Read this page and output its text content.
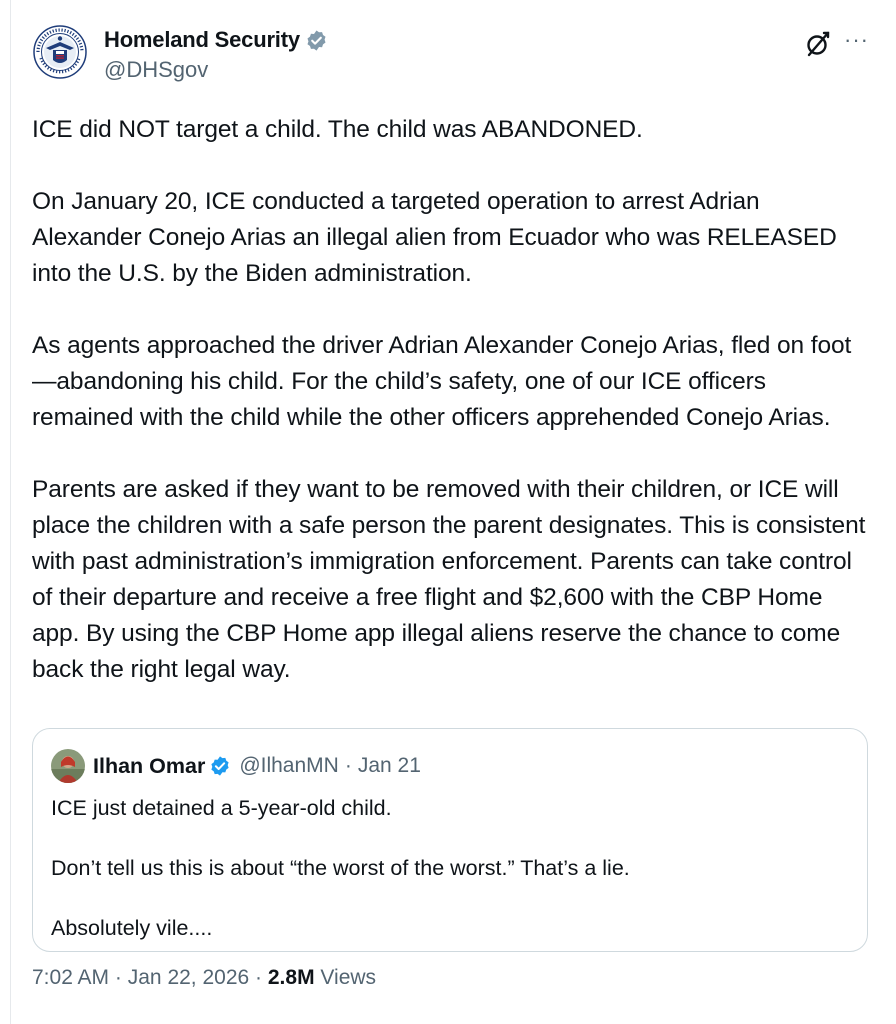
Homeland Security
@DHSgov
···

ICE did NOT target a child. The child was ABANDONED.

On January 20, ICE conducted a targeted operation to arrest Adrian Alexander Conejo Arias an illegal alien from Ecuador who was RELEASED into the U.S. by the Biden administration.

As agents approached the driver Adrian Alexander Conejo Arias, fled on foot—abandoning his child. For the child’s safety, one of our ICE officers remained with the child while the other officers apprehended Conejo Arias.

Parents are asked if they want to be removed with their children, or ICE will place the children with a safe person the parent designates. This is consistent with past administration’s immigration enforcement. Parents can take control of their departure and receive a free flight and $2,600 with the CBP Home app. By using the CBP Home app illegal aliens reserve the chance to come back the right legal way.

Ilhan Omar @IlhanMN · Jan 21

ICE just detained a 5-year-old child.

Don’t tell us this is about “the worst of the worst.” That’s a lie.

Absolutely vile....

7:02 AM · Jan 22, 2026 · 2.8M Views
